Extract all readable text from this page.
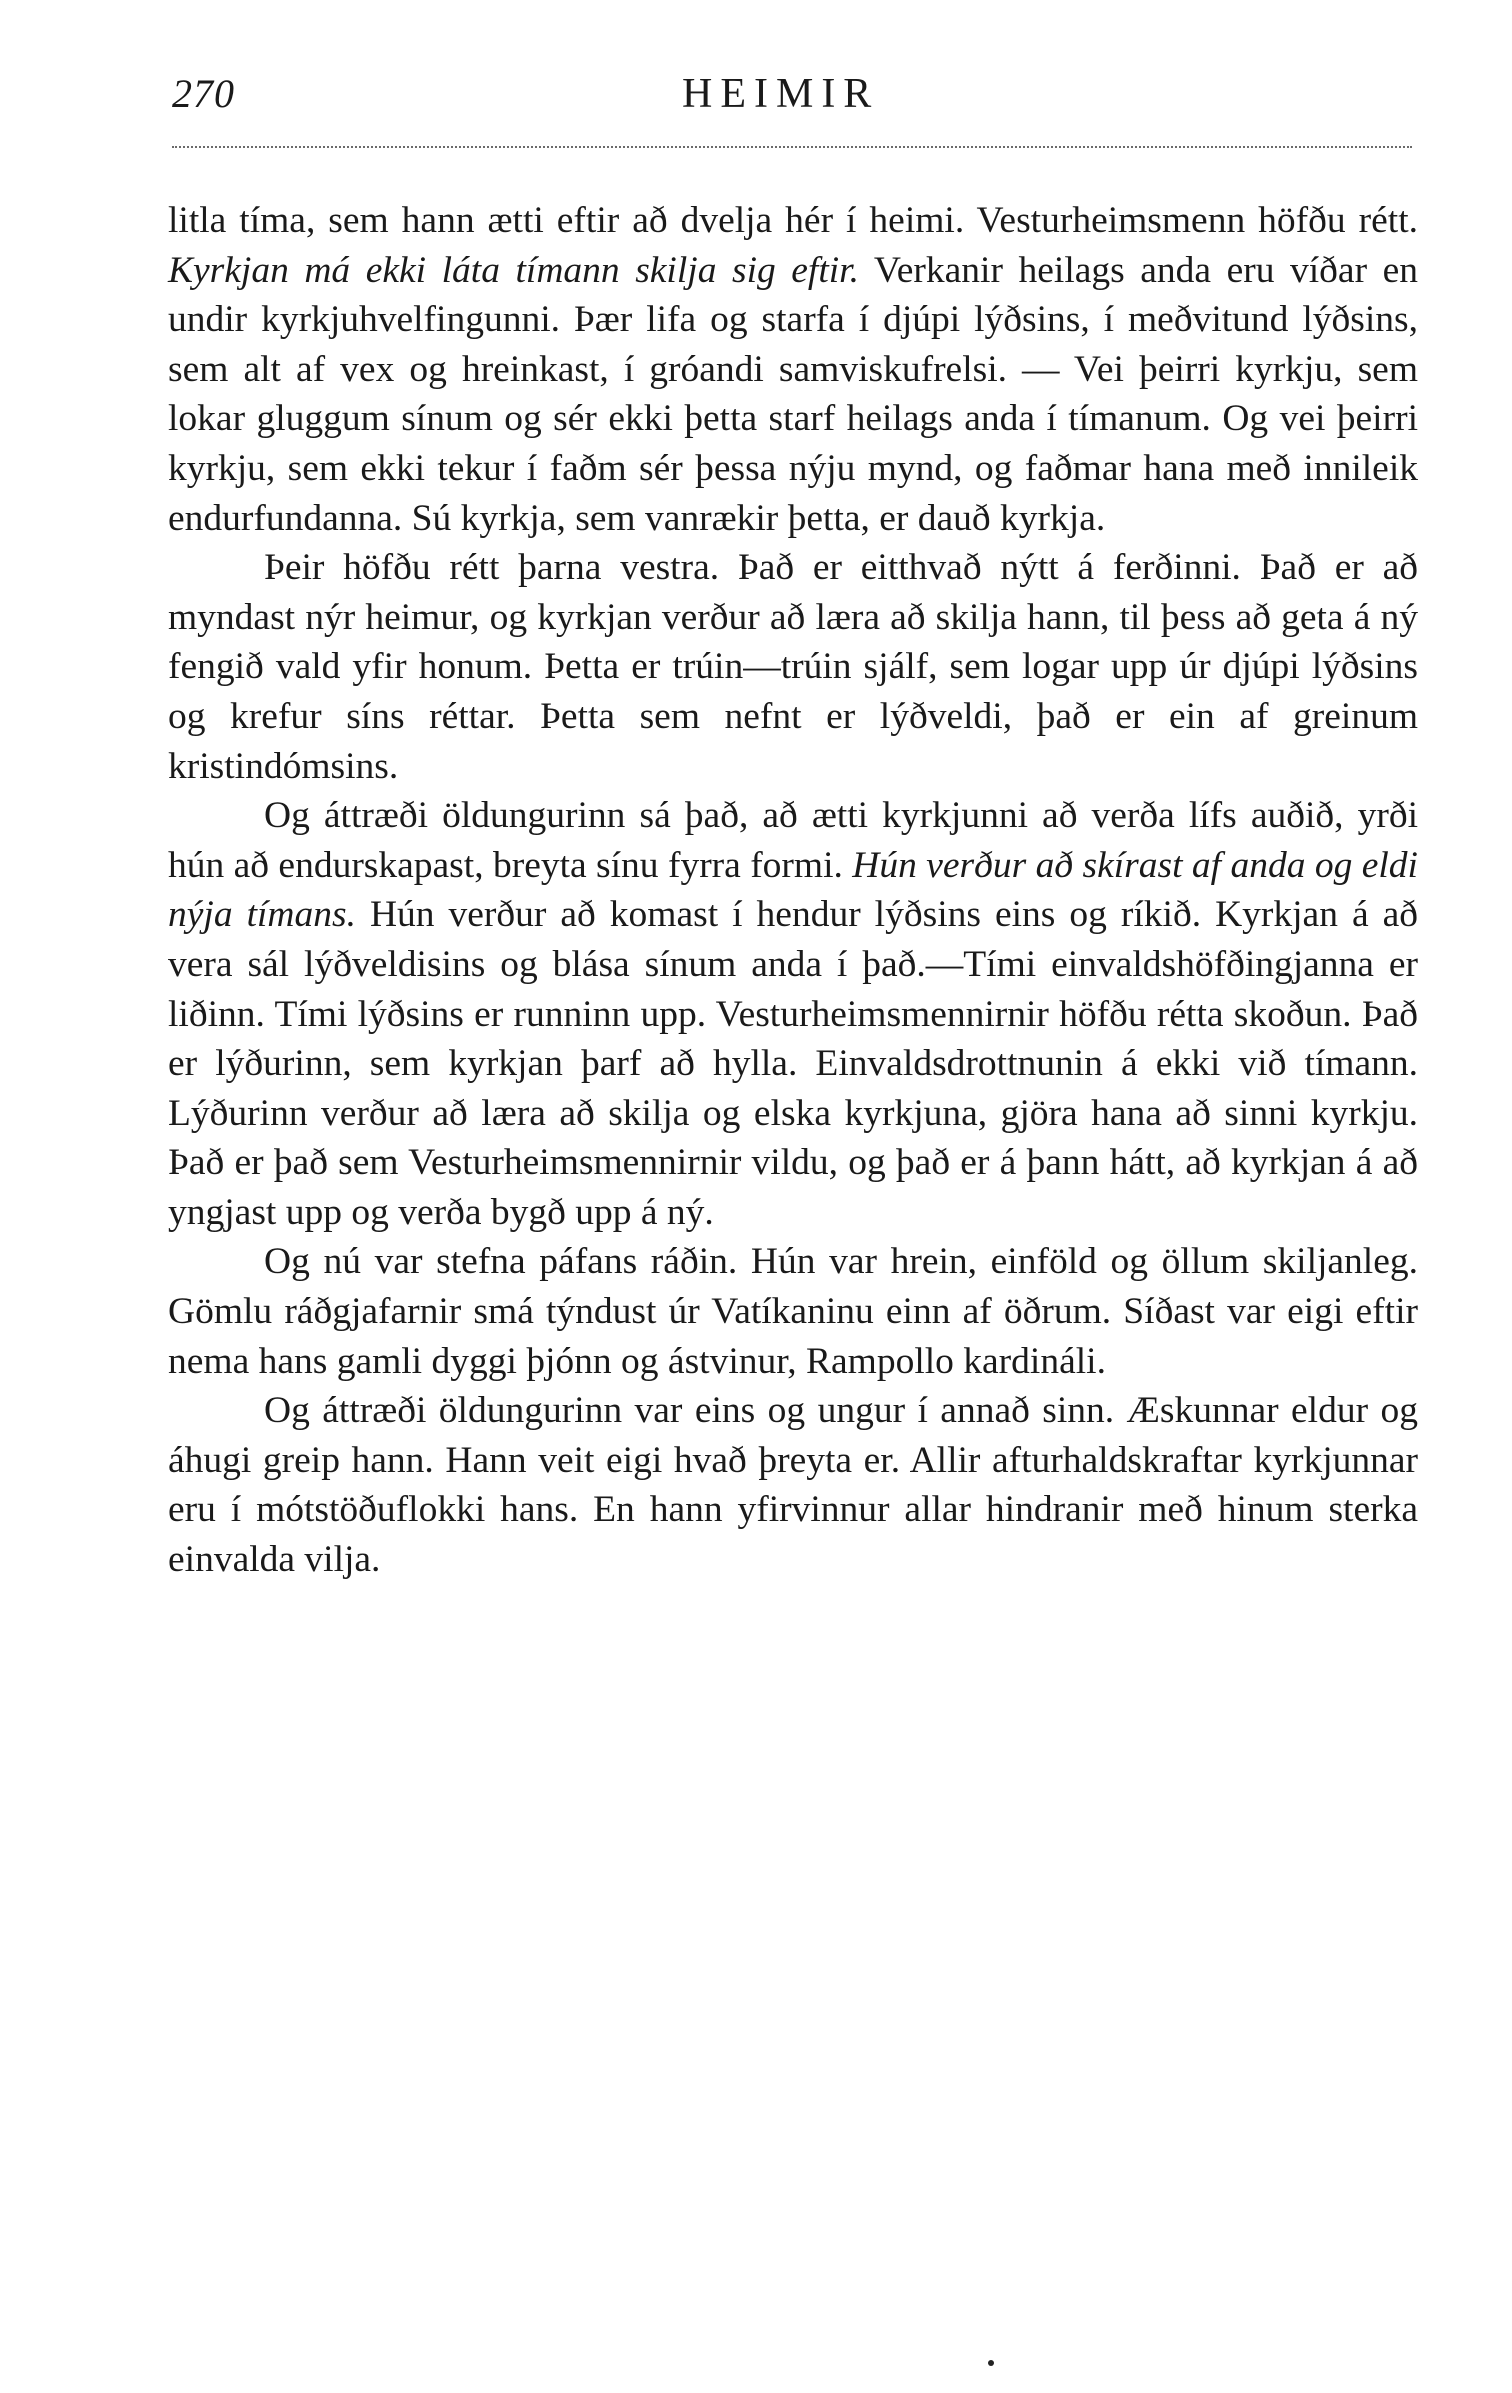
270	HEIMIR

litla tíma, sem hann ætti eftir að dvelja hér í heimi. Vesturheimsmenn höfðu rétt. Kyrkjan má ekki láta tímann skilja sig eftir. Verkanir heilags anda eru víðar en undir kyrkjuhvelfingunni. Þær lifa og starfa í djúpi lýðsins, í meðvitund lýðsins, sem alt af vex og hreinkast, í gróandi samviskufrelsi. — Vei þeirri kyrkju, sem lokar gluggum sínum og sér ekki þetta starf heilags anda í tímanum. Og vei þeirri kyrkju, sem ekki tekur í faðm sér þessa nýju mynd, og faðmar hana með innileik endurfundanna. Sú kyrkja, sem vanrækir þetta, er dauð kyrkja.

Þeir höfðu rétt þarna vestra. Það er eitthvað nýtt á ferðinni. Það er að myndast nýr heimur, og kyrkjan verður að læra að skilja hann, til þess að geta á ný fengið vald yfir honum. Þetta er trúin—trúin sjálf, sem logar upp úr djúpi lýðsins og krefur síns réttar. Þetta sem nefnt er lýðveldi, það er ein af greinum kristindómsins.

Og áttræði öldungurinn sá það, að ætti kyrkjunni að verða lífs auðið, yrði hún að endurskapast, breyta sínu fyrra formi. Hún verður að skírast af anda og eldi nýja tímans. Hún verður að komast í hendur lýðsins eins og ríkið. Kyrkjan á að vera sál lýðveldisins og blása sínum anda í það.—Tími einvaldshöfðingjanna er liðinn. Tími lýðsins er runninn upp. Vesturheimsmennirnir höfðu rétta skoðun. Það er lýðurinn, sem kyrkjan þarf að hylla. Einvaldsdrottnunin á ekki við tímann. Lýðurinn verður að læra að skilja og elska kyrkjuna, gjöra hana að sinni kyrkju. Það er það sem Vesturheimsmennirnir vildu, og það er á þann hátt, að kyrkjan á að yngjast upp og verða bygð upp á ný.

Og nú var stefna páfans ráðin. Hún var hrein, einföld og öllum skiljanleg. Gömlu ráðgjafarnir smá týndust úr Vatíkaninu einn af öðrum. Síðast var eigi eftir nema hans gamli dyggi þjónn og ástvinur, Rampollo kardináli.

Og áttræði öldungurinn var eins og ungur í annað sinn. Æskunnar eldur og áhugi greip hann. Hann veit eigi hvað þreyta er. Allir afturhaldskraftar kyrkjunnar eru í mótstöðuflokki hans. En hann yfirvinnur allar hindranir með hinum sterka einvalda vilja.
